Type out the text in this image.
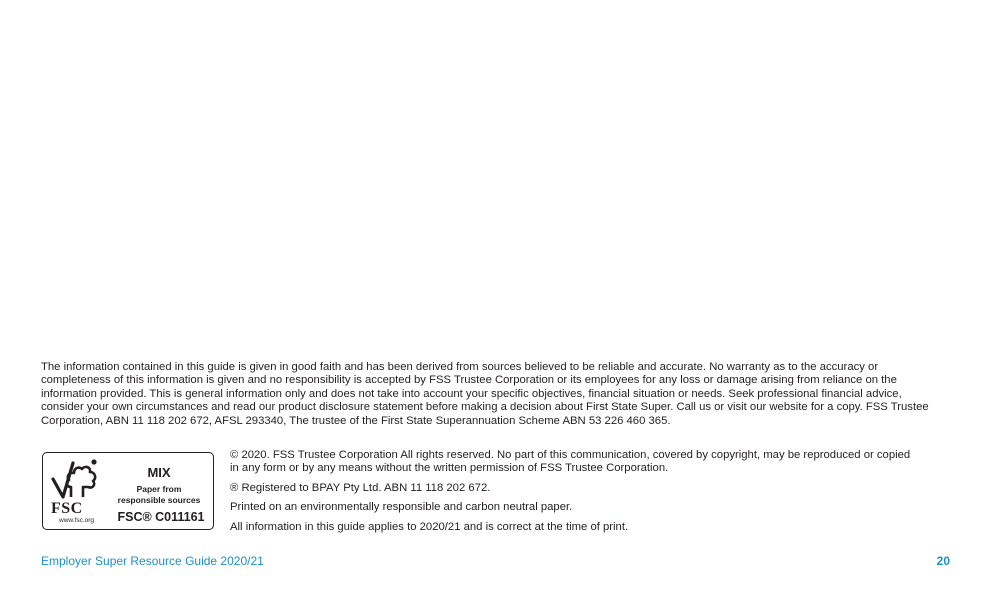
The information contained in this guide is given in good faith and has been derived from sources believed to be reliable and accurate. No warranty as to the accuracy or completeness of this information is given and no responsibility is accepted by FSS Trustee Corporation or its employees for any loss or damage arising from reliance on the information provided. This is general information only and does not take into account your specific objectives, financial situation or needs. Seek professional financial advice, consider your own circumstances and read our product disclosure statement before making a decision about First State Super. Call us or visit our website for a copy. FSS Trustee Corporation, ABN 11 118 202 672, AFSL 293340, The trustee of the First State Superannuation Scheme ABN 53 226 460 365.

FSC
www.fsc.org
MIX
Paper from
responsible sources
FSC® C011161

© 2020. FSS Trustee Corporation All rights reserved. No part of this communication, covered by copyright, may be reproduced or copied in any form or by any means without the written permission of FSS Trustee Corporation.

® Registered to BPAY Pty Ltd. ABN 11 118 202 672.

Printed on an environmentally responsible and carbon neutral paper.

All information in this guide applies to 2020/21 and is correct at the time of print.

Employer Super Resource Guide 2020/21	20
